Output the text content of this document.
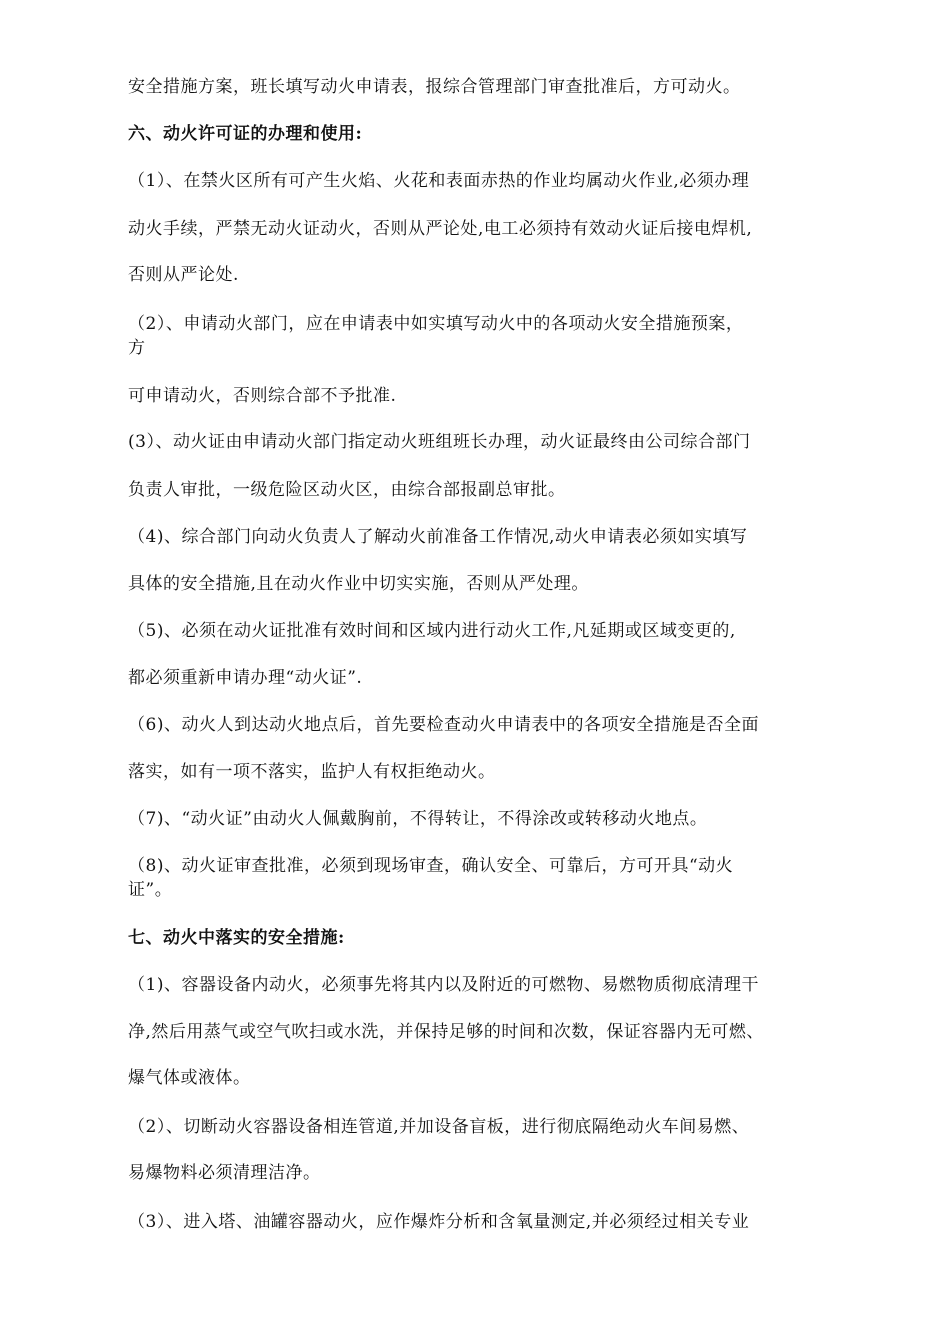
安全措施方案，班长填写动火申请表，报综合管理部门审查批准后，方可动火。
六、动火许可证的办理和使用:
（1）、在禁火区所有可产生火焰、火花和表面赤热的作业均属动火作业,必须办理
动火手续，严禁无动火证动火，否则从严论处,电工必须持有效动火证后接电焊机,
否则从严论处.
（2）、申请动火部门，应在申请表中如实填写动火中的各项动火安全措施预案，
方
可申请动火，否则综合部不予批准.
(3）、动火证由申请动火部门指定动火班组班长办理，动火证最终由公司综合部门
负责人审批，一级危险区动火区，由综合部报副总审批。
（4)、综合部门向动火负责人了解动火前准备工作情况,动火申请表必须如实填写
具体的安全措施,且在动火作业中切实实施，否则从严处理。
（5)、必须在动火证批准有效时间和区域内进行动火工作,凡延期或区域变更的,
都必须重新申请办理“动火证”.
（6)、动火人到达动火地点后，首先要检查动火申请表中的各项安全措施是否全面
落实，如有一项不落实，监护人有权拒绝动火。
（7)、“动火证”由动火人佩戴胸前，不得转让，不得涂改或转移动火地点。
（8)、动火证审查批准，必须到现场审查，确认安全、可靠后，方可开具“动火
证”。
七、动火中落实的安全措施:
（1)、容器设备内动火，必须事先将其内以及附近的可燃物、易燃物质彻底清理干
净,然后用蒸气或空气吹扫或水洗，并保持足够的时间和次数，保证容器内无可燃、
爆气体或液体。
（2）、切断动火容器设备相连管道,并加设备盲板，进行彻底隔绝动火车间易燃、
易爆物料必须清理洁净。
（3）、进入塔、油罐容器动火，应作爆炸分析和含氧量测定,并必须经过相关专业
